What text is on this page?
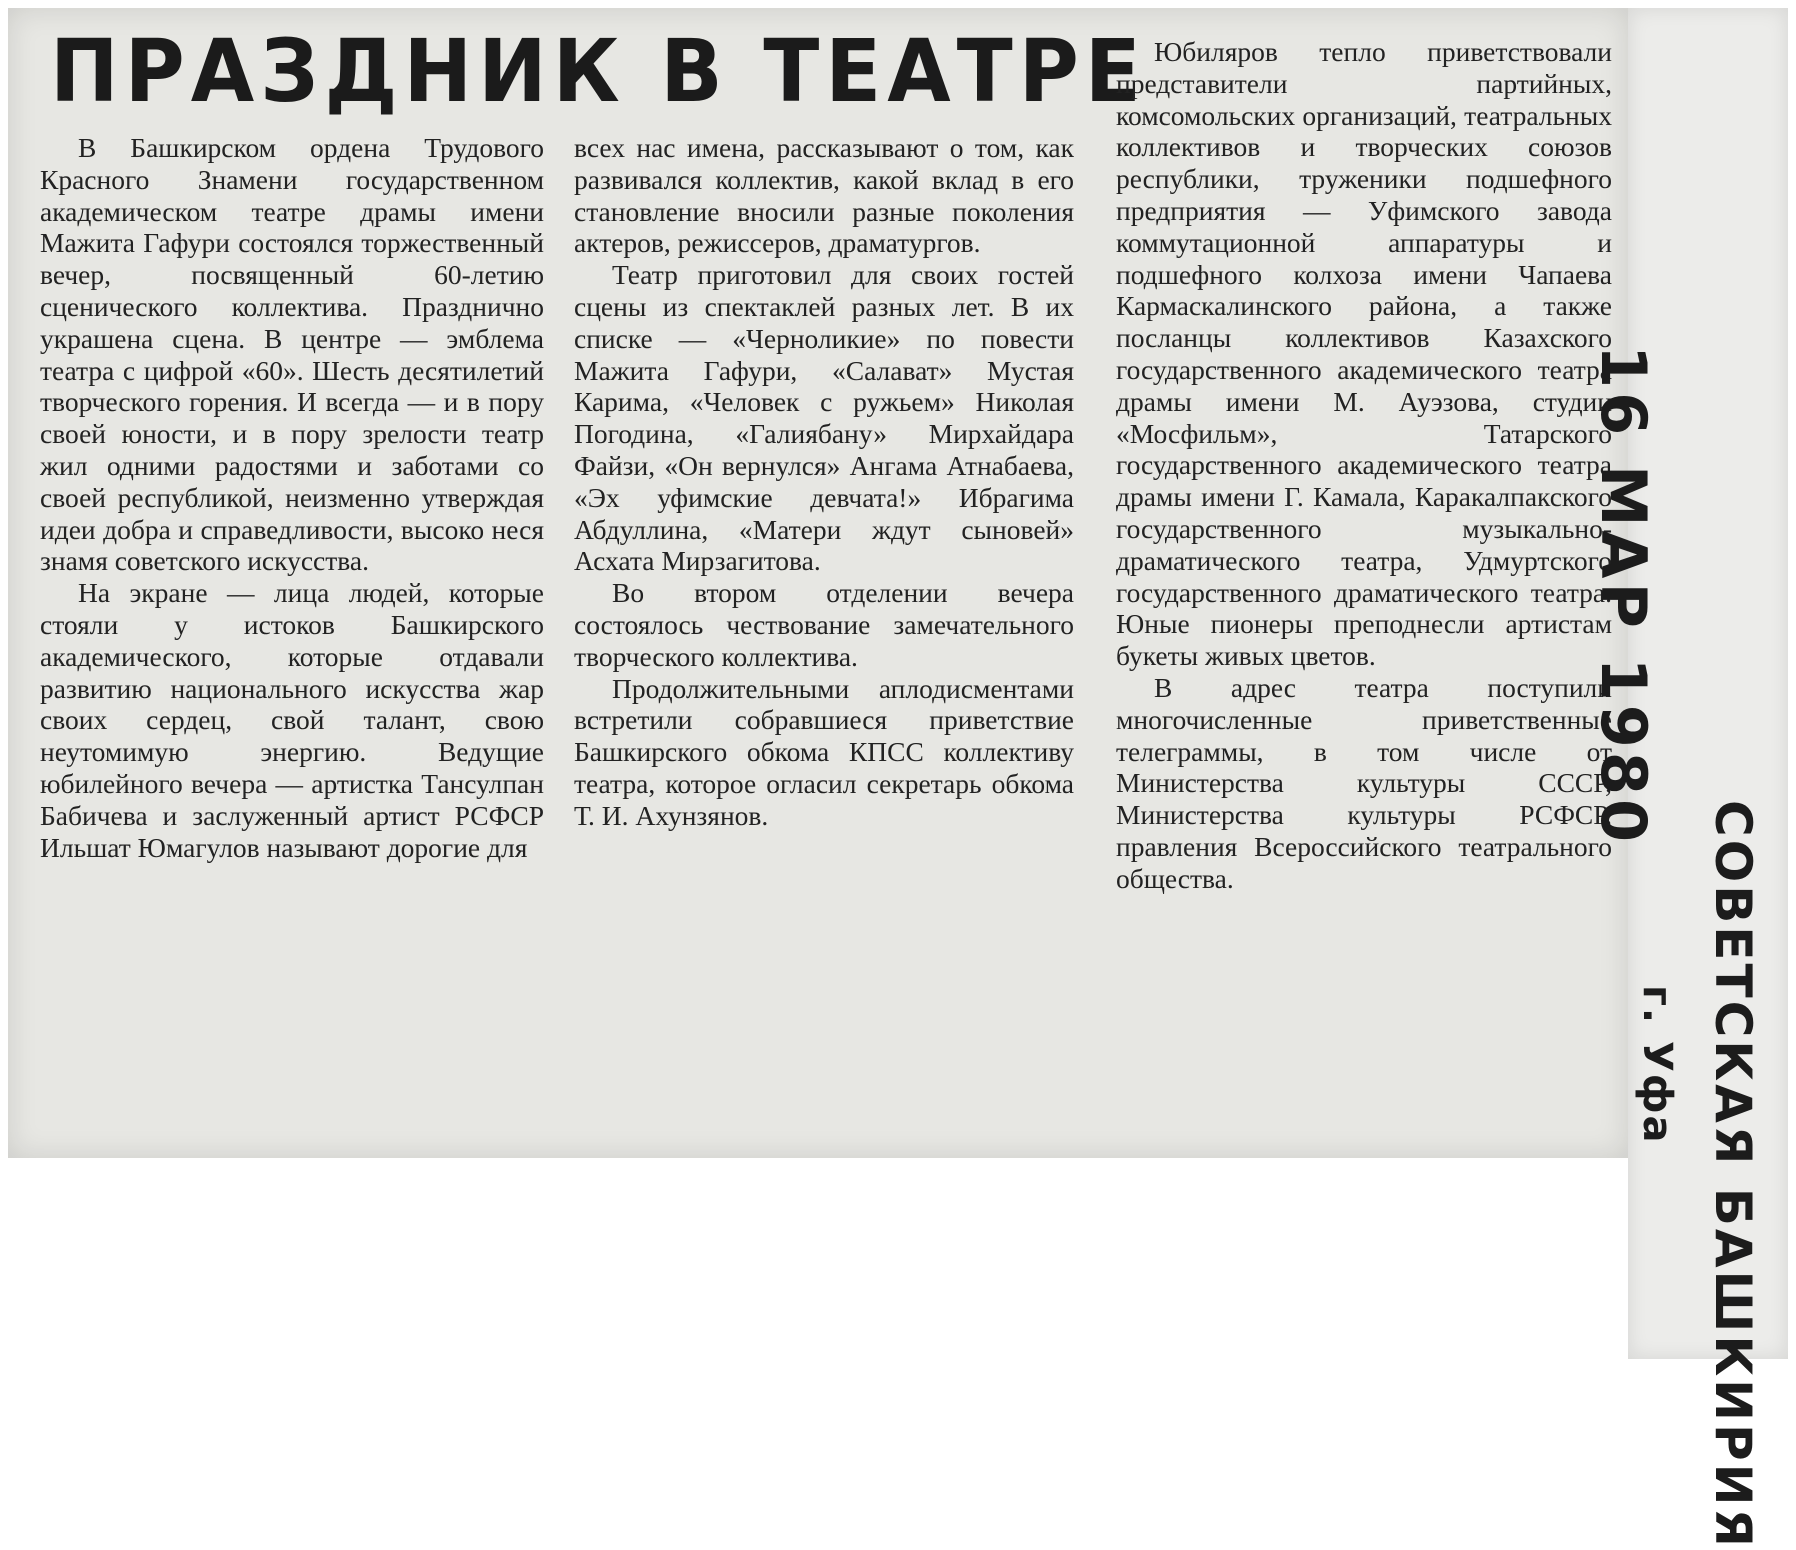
ПРАЗДНИК В ТЕАТРЕ

В Башкирском ордена Трудового Красного Знамени государственном академическом театре драмы имени Мажита Гафури состоялся торжественный вечер, посвященный 60-летию сценического коллектива. Празднично украшена сцена. В центре — эмблема театра с цифрой «60». Шесть десятилетий творческого горения. И всегда — и в пору своей юности, и в пору зрелости театр жил одними радостями и заботами со своей республикой, неизменно утверждая идеи добра и справедливости, высоко неся знамя советского искусства.

На экране — лица людей, которые стояли у истоков Башкирского академического, которые отдавали развитию национального искусства жар своих сердец, свой талант, свою неутомимую энергию. Ведущие юбилейного вечера — артистка Тансулпан Бабичева и заслуженный артист РСФСР Ильшат Юмагулов называют дорогие для

всех нас имена, рассказывают о том, как развивался коллектив, какой вклад в его становление вносили разные поколения актеров, режиссеров, драматургов.

Театр приготовил для своих гостей сцены из спектаклей разных лет. В их списке — «Черноликие» по повести Мажита Гафури, «Салават» Мустая Карима, «Человек с ружьем» Николая Погодина, «Галиябану» Мирхайдара Файзи, «Он вернулся» Ангама Атнабаева, «Эх уфимские девчата!» Ибрагима Абдуллина, «Матери ждут сыновей» Асхата Мирзагитова.

Во втором отделении вечера состоялось чествование замечательного творческого коллектива.

Продолжительными аплодисментами встретили собравшиеся приветствие Башкирского обкома КПСС коллективу театра, которое огласил секретарь обкома Т. И. Ахунзянов.

Юбиляров тепло приветствовали представители партийных, комсомольских организаций, театральных коллективов и творческих союзов республики, труженики подшефного предприятия — Уфимского завода коммутационной аппаратуры и подшефного колхоза имени Чапаева Кармаскалинского района, а также посланцы коллективов Казахского государственного академического театра драмы имени М. Ауэзова, студии «Мосфильм», Татарского государственного академического театра драмы имени Г. Камала, Каракалпакского государственного музыкально-драматического театра, Удмуртского государственного драматического театра. Юные пионеры преподнесли артистам букеты живых цветов.

В адрес театра поступили многочисленные приветственные телеграммы, в том числе от Министерства культуры СССР, Министерства культуры РСФСР, правления Всероссийского театрального общества.

16 МАР 1980
СОВЕТСКАЯ БАШКИРИЯ
г. Уфа
